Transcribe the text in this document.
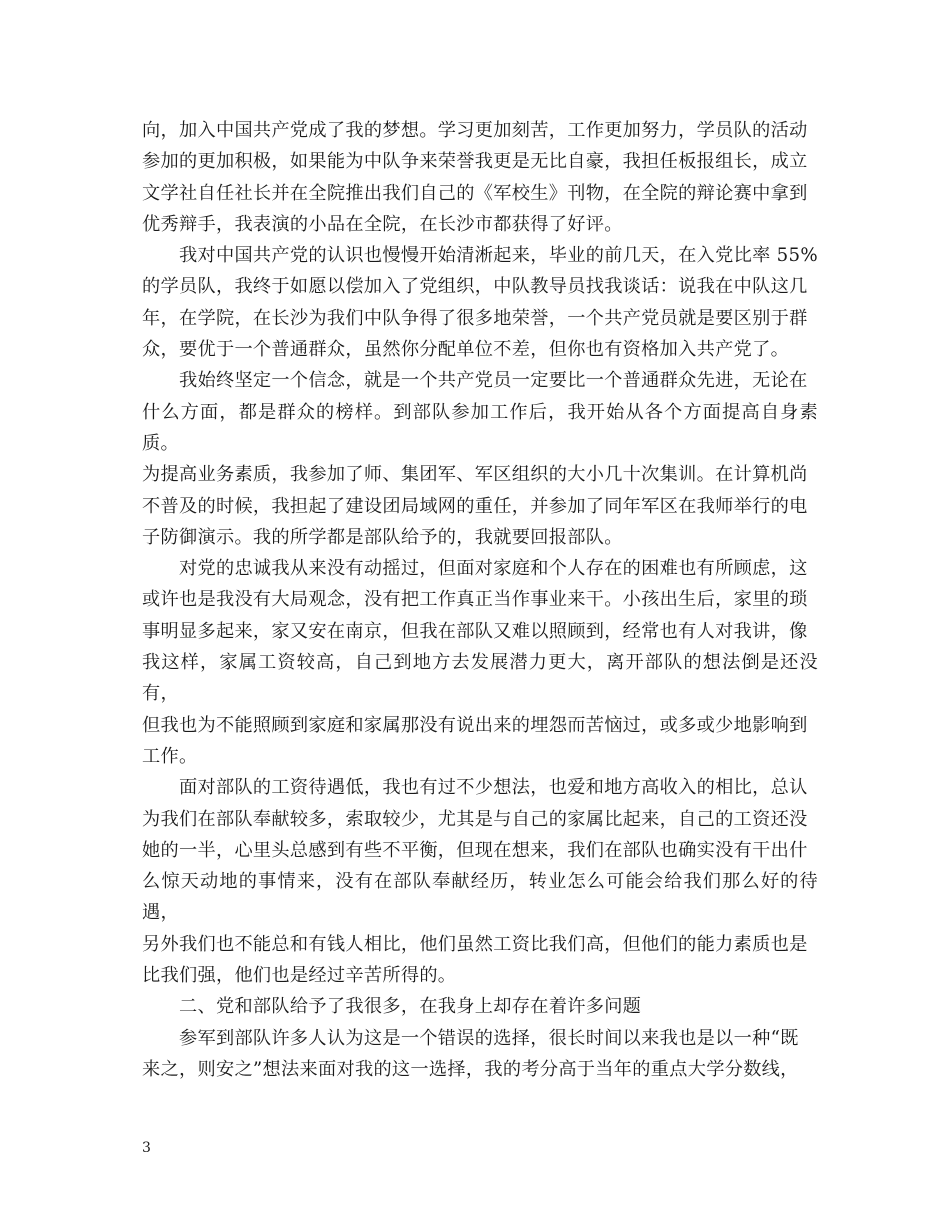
向，加入中国共产党成了我的梦想。学习更加刻苦，工作更加努力，学员队的活动
参加的更加积极，如果能为中队争来荣誉我更是无比自豪，我担任板报组长，成立
文学社自任社长并在全院推出我们自己的《军校生》刊物，在全院的辩论赛中拿到
优秀辩手，我表演的小品在全院，在长沙市都获得了好评。

　　我对中国共产党的认识也慢慢开始清淅起来，毕业的前几天，在入党比率 55%
的学员队，我终于如愿以偿加入了党组织，中队教导员找我谈话：说我在中队这几
年，在学院，在长沙为我们中队争得了很多地荣誉，一个共产党员就是要区别于群
众，要优于一个普通群众，虽然你分配单位不差，但你也有资格加入共产党了。

　　我始终坚定一个信念，就是一个共产党员一定要比一个普通群众先进，无论在
什么方面，都是群众的榜样。到部队参加工作后，我开始从各个方面提高自身素质。
为提高业务素质，我参加了师、集团军、军区组织的大小几十次集训。在计算机尚
不普及的时候，我担起了建设团局域网的重任，并参加了同年军区在我师举行的电
子防御演示。我的所学都是部队给予的，我就要回报部队。

　　对党的忠诚我从来没有动摇过，但面对家庭和个人存在的困难也有所顾虑，这
或许也是我没有大局观念，没有把工作真正当作事业来干。小孩出生后，家里的琐
事明显多起来，家又安在南京，但我在部队又难以照顾到，经常也有人对我讲，像
我这样，家属工资较高，自己到地方去发展潜力更大，离开部队的想法倒是还没有，
但我也为不能照顾到家庭和家属那没有说出来的埋怨而苦恼过，或多或少地影响到
工作。

　　面对部队的工资待遇低，我也有过不少想法，也爱和地方高收入的相比，总认
为我们在部队奉献较多，索取较少，尤其是与自己的家属比起来，自己的工资还没
她的一半，心里头总感到有些不平衡，但现在想来，我们在部队也确实没有干出什
么惊天动地的事情来，没有在部队奉献经历，转业怎么可能会给我们那么好的待遇，
另外我们也不能总和有钱人相比，他们虽然工资比我们高，但他们的能力素质也是
比我们强，他们也是经过辛苦所得的。

　　二、党和部队给予了我很多，在我身上却存在着许多问题

　　参军到部队许多人认为这是一个错误的选择，很长时间以来我也是以一种“既
来之，则安之”想法来面对我的这一选择，我的考分高于当年的重点大学分数线，

3
